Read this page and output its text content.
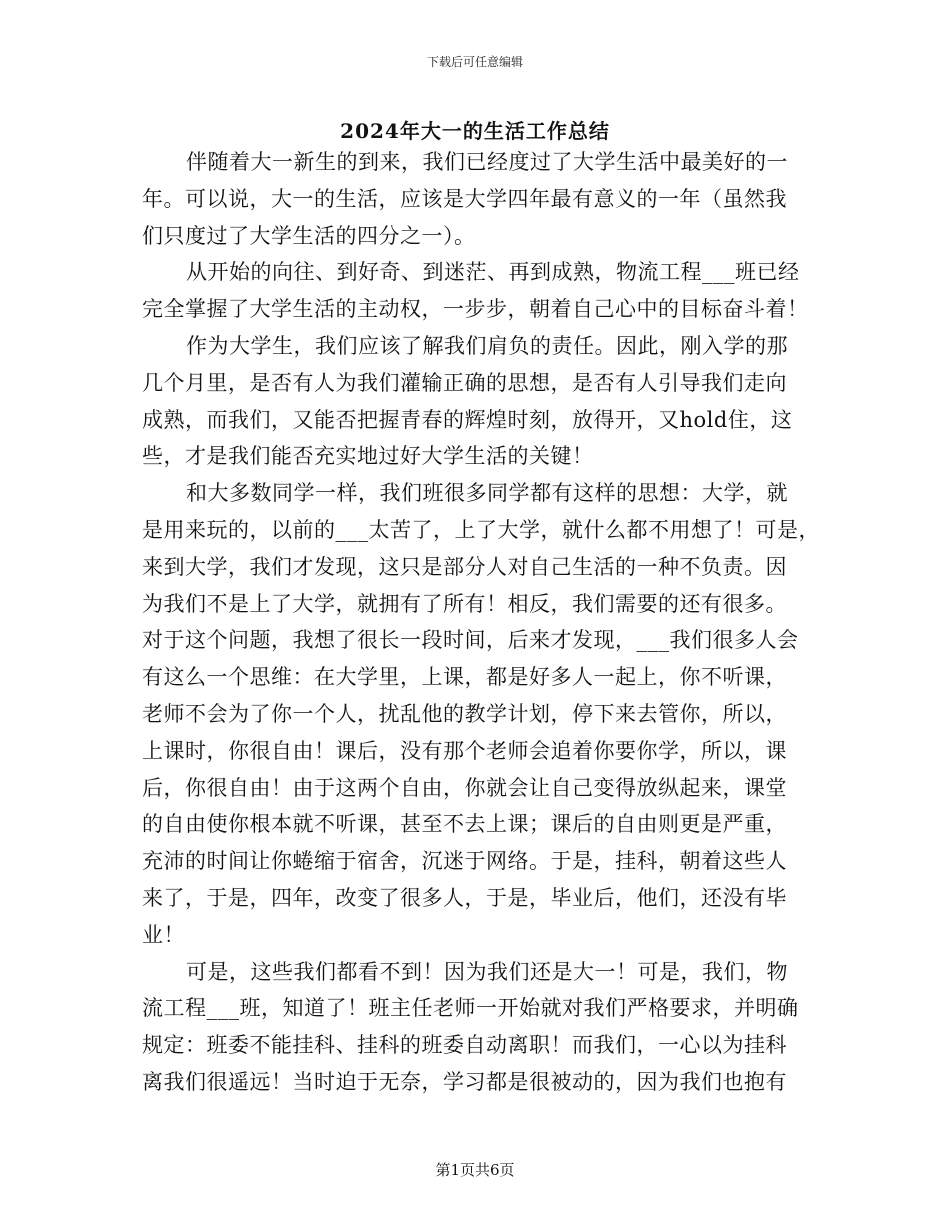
下载后可任意编辑
2024年大一的生活工作总结
伴随着大一新生的到来，我们已经度过了大学生活中最美好的一
年。可以说，大一的生活，应该是大学四年最有意义的一年（虽然我
们只度过了大学生活的四分之一）。
从开始的向往、到好奇、到迷茫、再到成熟，物流工程___班已经
完全掌握了大学生活的主动权，一步步，朝着自己心中的目标奋斗着！
作为大学生，我们应该了解我们肩负的责任。因此，刚入学的那
几个月里，是否有人为我们灌输正确的思想，是否有人引导我们走向
成熟，而我们，又能否把握青春的辉煌时刻，放得开，又hold住，这
些，才是我们能否充实地过好大学生活的关键！
和大多数同学一样，我们班很多同学都有这样的思想：大学，就
是用来玩的，以前的___太苦了，上了大学，就什么都不用想了！可是，
来到大学，我们才发现，这只是部分人对自己生活的一种不负责。因
为我们不是上了大学，就拥有了所有！相反，我们需要的还有很多。
对于这个问题，我想了很长一段时间，后来才发现，___我们很多人会
有这么一个思维：在大学里，上课，都是好多人一起上，你不听课，
老师不会为了你一个人，扰乱他的教学计划，停下来去管你，所以，
上课时，你很自由！课后，没有那个老师会追着你要你学，所以，课
后，你很自由！由于这两个自由，你就会让自己变得放纵起来，课堂
的自由使你根本就不听课，甚至不去上课；课后的自由则更是严重，
充沛的时间让你蜷缩于宿舍，沉迷于网络。于是，挂科，朝着这些人
来了，于是，四年，改变了很多人，于是，毕业后，他们，还没有毕
业！
可是，这些我们都看不到！因为我们还是大一！可是，我们，物
流工程___班，知道了！班主任老师一开始就对我们严格要求，并明确
规定：班委不能挂科、挂科的班委自动离职！而我们，一心以为挂科
离我们很遥远！当时迫于无奈，学习都是很被动的，因为我们也抱有
第1页共6页
